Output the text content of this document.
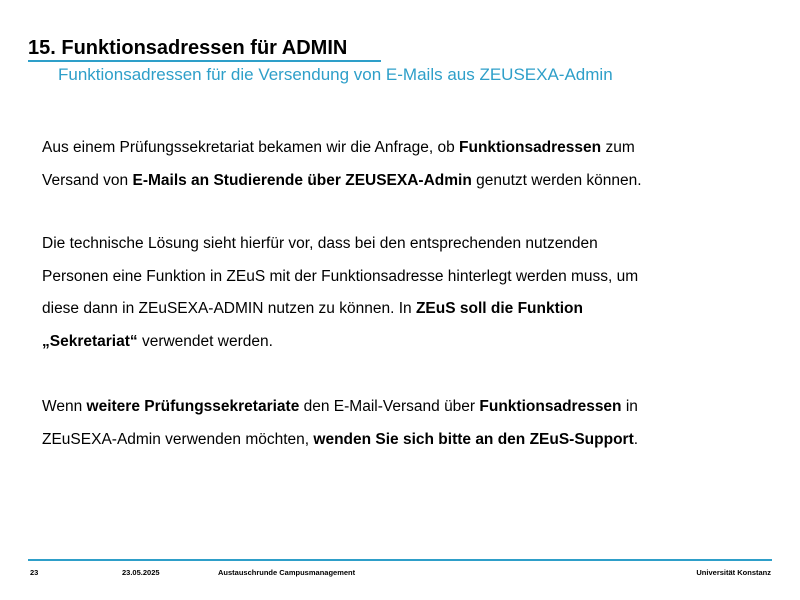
15. Funktionsadressen für ADMIN
Funktionsadressen für die Versendung von E-Mails aus ZEUSEXA-Admin
Aus einem Prüfungssekretariat bekamen wir die Anfrage, ob Funktionsadressen zum
Versand von E-Mails an Studierende über ZEUSEXA-Admin genutzt werden können.
Die technische Lösung sieht hierfür vor, dass bei den entsprechenden nutzenden
Personen eine Funktion in ZEuS mit der Funktionsadresse hinterlegt werden muss, um
diese dann in ZEuSEXA-ADMIN nutzen zu können. In ZEuS soll die Funktion
„Sekretariat“ verwendet werden.
Wenn weitere Prüfungssekretariate den E-Mail-Versand über Funktionsadressen in
ZEuSEXA-Admin verwenden möchten, wenden Sie sich bitte an den ZEuS-Support.
23	23.05.2025	Austauschrunde Campusmanagement	Universität Konstanz
